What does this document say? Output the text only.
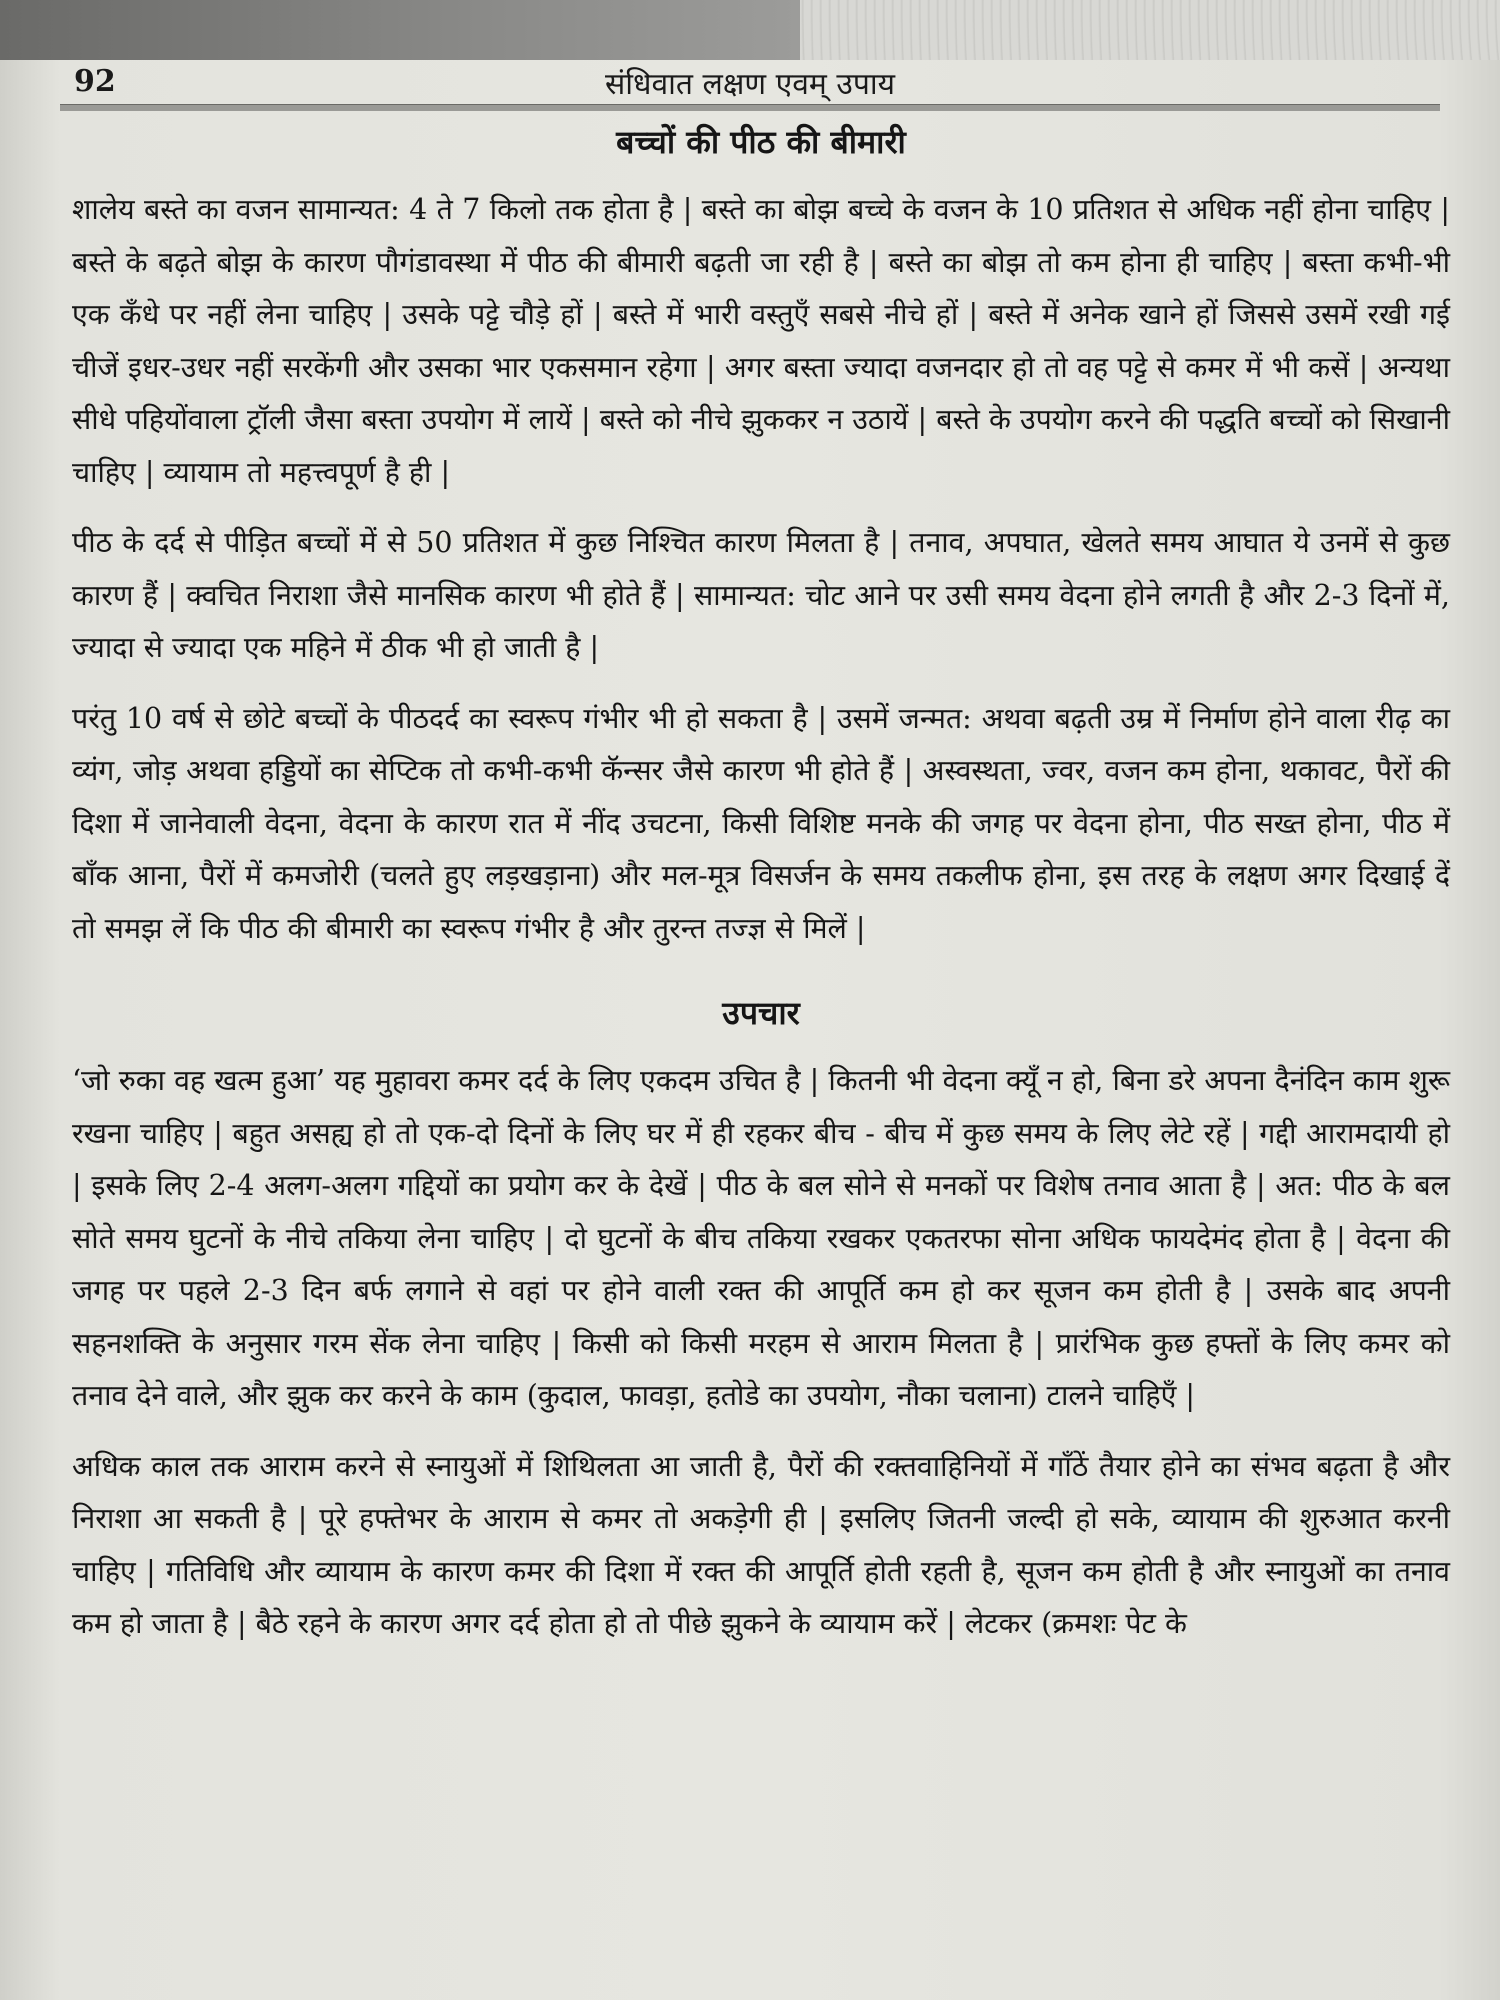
92	संधिवात लक्षण एवम् उपाय
बच्चों की पीठ की बीमारी

शालेय बस्ते का वजन सामान्यत: 4 ते 7 किलो तक होता है | बस्ते का बोझ बच्चे के वजन के 10 प्रतिशत से अधिक नहीं होना चाहिए | बस्ते के बढ़ते बोझ के कारण पौगंडावस्था में पीठ की बीमारी बढ़ती जा रही है | बस्ते का बोझ तो कम होना ही चाहिए | बस्ता कभी-भी एक कँधे पर नहीं लेना चाहिए | उसके पट्टे चौड़े हों | बस्ते में भारी वस्तुएँ सबसे नीचे हों | बस्ते में अनेक खाने हों जिससे उसमें रखी गई चीजें इधर-उधर नहीं सरकेंगी और उसका भार एकसमान रहेगा | अगर बस्ता ज्यादा वजनदार हो तो वह पट्टे से कमर में भी कसें | अन्यथा सीधे पहियोंवाला ट्रॉली जैसा बस्ता उपयोग में लायें | बस्ते को नीचे झुककर न उठायें | बस्ते के उपयोग करने की पद्धति बच्चों को सिखानी चाहिए | व्यायाम तो महत्त्वपूर्ण है ही |

पीठ के दर्द से पीड़ित बच्चों में से 50 प्रतिशत में कुछ निश्चित कारण मिलता है | तनाव, अपघात, खेलते समय आघात ये उनमें से कुछ कारण हैं | क्वचित निराशा जैसे मानसिक कारण भी होते हैं | सामान्यत: चोट आने पर उसी समय वेदना होने लगती है और 2-3 दिनों में, ज्यादा से ज्यादा एक महिने में ठीक भी हो जाती है |

परंतु 10 वर्ष से छोटे बच्चों के पीठदर्द का स्वरूप गंभीर भी हो सकता है | उसमें जन्मत: अथवा बढ़ती उम्र में निर्माण होने वाला रीढ़ का व्यंग, जोड़ अथवा हड्डियों का सेप्टिक तो कभी-कभी कॅन्सर जैसे कारण भी होते हैं | अस्वस्थता, ज्वर, वजन कम होना, थकावट, पैरों की दिशा में जानेवाली वेदना, वेदना के कारण रात में नींद उचटना, किसी विशिष्ट मनके की जगह पर वेदना होना, पीठ सख्त होना, पीठ में बाँक आना, पैरों में कमजोरी (चलते हुए लड़खड़ाना) और मल-मूत्र विसर्जन के समय तकलीफ होना, इस तरह के लक्षण अगर दिखाई दें तो समझ लें कि पीठ की बीमारी का स्वरूप गंभीर है और तुरन्त तज्ज्ञ से मिलें |

उपचार

‘जो रुका वह खत्म हुआ’ यह मुहावरा कमर दर्द के लिए एकदम उचित है | कितनी भी वेदना क्यूँ न हो, बिना डरे अपना दैनंदिन काम शुरू रखना चाहिए | बहुत असह्य हो तो एक-दो दिनों के लिए घर में ही रहकर बीच - बीच में कुछ समय के लिए लेटे रहें | गद्दी आरामदायी हो | इसके लिए 2-4 अलग-अलग गद्दियों का प्रयोग कर के देखें | पीठ के बल सोने से मनकों पर विशेष तनाव आता है | अत: पीठ के बल सोते समय घुटनों के नीचे तकिया लेना चाहिए | दो घुटनों के बीच तकिया रखकर एकतरफा सोना अधिक फायदेमंद होता है | वेदना की जगह पर पहले 2-3 दिन बर्फ लगाने से वहां पर होने वाली रक्त की आपूर्ति कम हो कर सूजन कम होती है | उसके बाद अपनी सहनशक्ति के अनुसार गरम सेंक लेना चाहिए | किसी को किसी मरहम से आराम मिलता है | प्रारंभिक कुछ हफ्तों के लिए कमर को तनाव देने वाले, और झुक कर करने के काम (कुदाल, फावड़ा, हतोडे का उपयोग, नौका चलाना) टालने चाहिएँ |

अधिक काल तक आराम करने से स्नायुओं में शिथिलता आ जाती है, पैरों की रक्तवाहिनियों में गाँठें तैयार होने का संभव बढ़ता है और निराशा आ सकती है | पूरे हफ्तेभर के आराम से कमर तो अकड़ेगी ही | इसलिए जितनी जल्दी हो सके, व्यायाम की शुरुआत करनी चाहिए | गतिविधि और व्यायाम के कारण कमर की दिशा में रक्त की आपूर्ति होती रहती है, सूजन कम होती है और स्नायुओं का तनाव कम हो जाता है | बैठे रहने के कारण अगर दर्द होता हो तो पीछे झुकने के व्यायाम करें | लेटकर (क्रमशः पेट के
